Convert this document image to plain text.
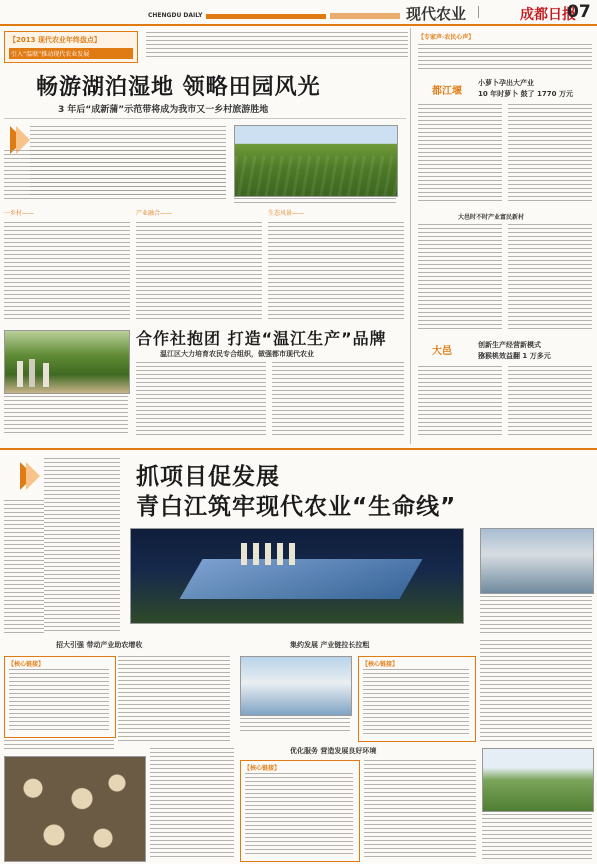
CHENGDU DAILY	现代农业	成都日报
07
【2013 现代农业年终盘点】
引入“温联”推动现代农业发展
畅游湖泊湿地 领略田园风光
3 年后“成新蒲”示范带将成为我市又一乡村旅游胜地
一乡村——	产业融合——	生态风景——
合作社抱团 打造“温江生产”品牌
温江区大力培育农民专合组织，做强都市现代农业
【专家声·农民心声】
都江堰
小萝卜孕出大产业
10 年时萝卜 鼓了 1770 万元
大邑时不时产业富民新村
大邑
创新生产经营新模式
猕猴桃效益翻 1 万多元
抓项目促发展
青白江筑牢现代农业“生命线”
招大引强 带动产业助农增收	集约发展 产业链拉长拉粗
【核心链接】	【核心链接】
优化服务 营造发展良好环境
【核心链接】
